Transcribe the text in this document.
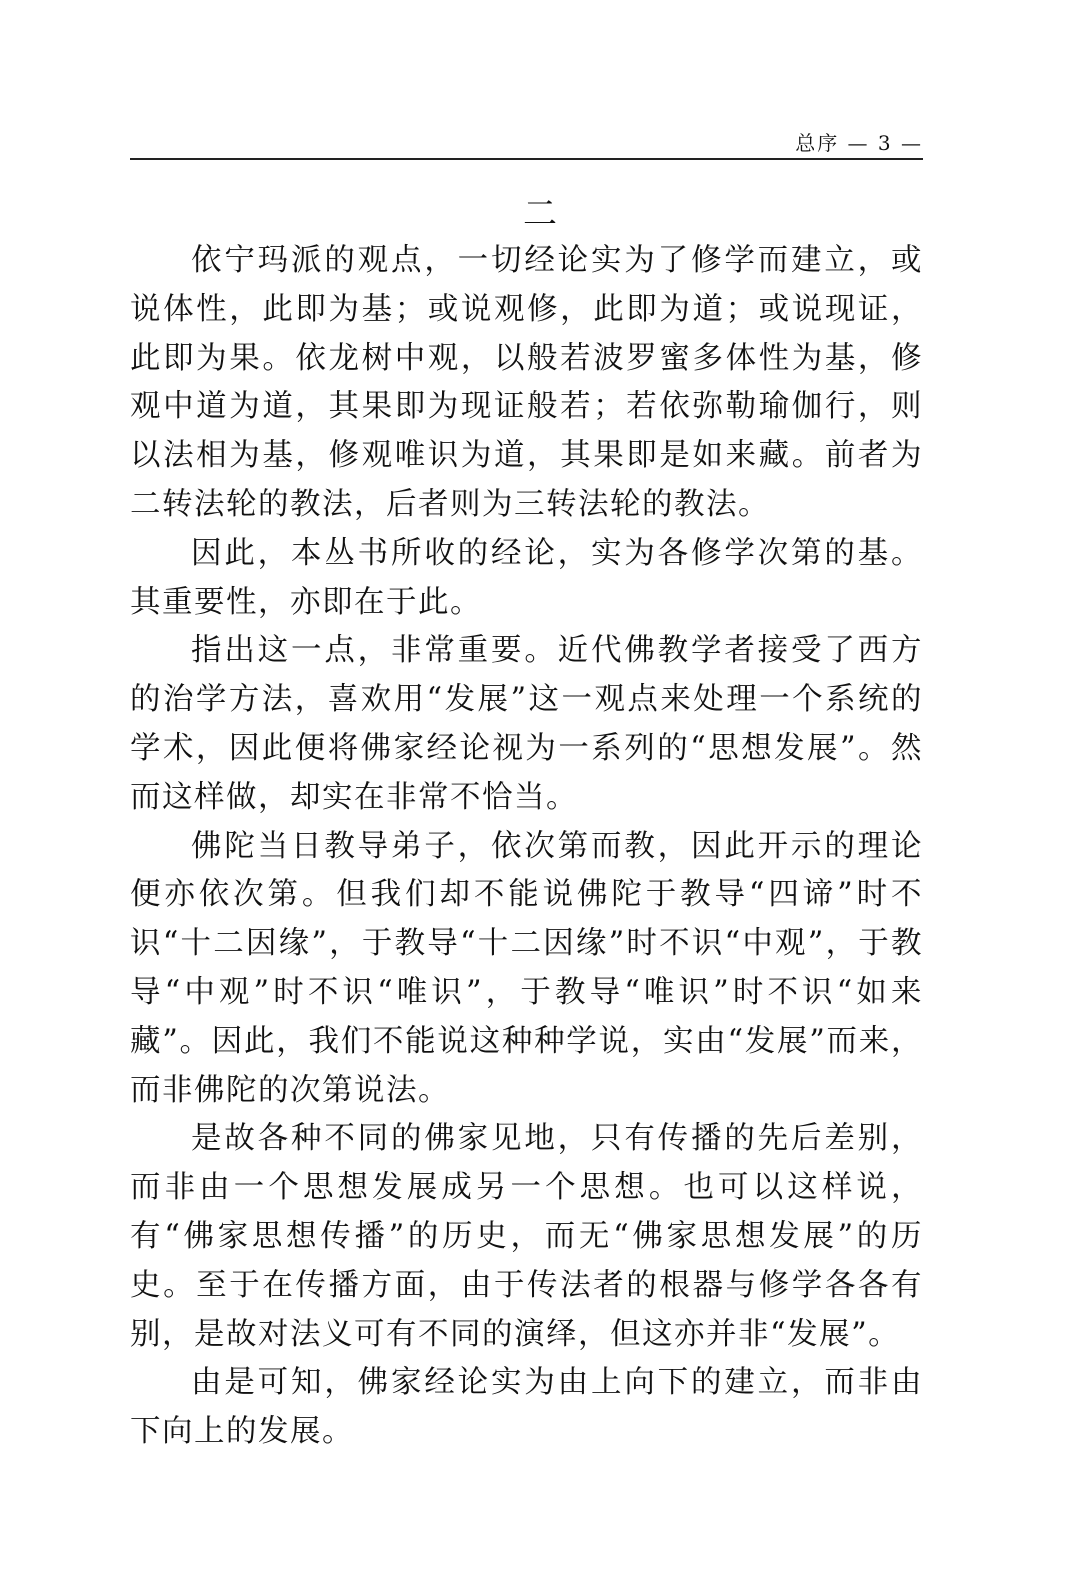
总序 — 3 —
二

依宁玛派的观点，一切经论实为了修学而建立，或说体性，此即为基；或说观修，此即为道；或说现证，此即为果。依龙树中观，以般若波罗蜜多体性为基，修观中道为道，其果即为现证般若；若依弥勒瑜伽行，则以法相为基，修观唯识为道，其果即是如来藏。前者为二转法轮的教法，后者则为三转法轮的教法。

因此，本丛书所收的经论，实为各修学次第的基。其重要性，亦即在于此。

指出这一点，非常重要。近代佛教学者接受了西方的治学方法，喜欢用“发展”这一观点来处理一个系统的学术，因此便将佛家经论视为一系列的“思想发展”。然而这样做，却实在非常不恰当。

佛陀当日教导弟子，依次第而教，因此开示的理论便亦依次第。但我们却不能说佛陀于教导“四谛”时不识“十二因缘”，于教导“十二因缘”时不识“中观”，于教导“中观”时不识“唯识”，于教导“唯识”时不识“如来藏”。因此，我们不能说这种种学说，实由“发展”而来，而非佛陀的次第说法。

是故各种不同的佛家见地，只有传播的先后差别，而非由一个思想发展成另一个思想。也可以这样说，有“佛家思想传播”的历史，而无“佛家思想发展”的历史。至于在传播方面，由于传法者的根器与修学各各有别，是故对法义可有不同的演绎，但这亦并非“发展”。

由是可知，佛家经论实为由上向下的建立，而非由下向上的发展。
